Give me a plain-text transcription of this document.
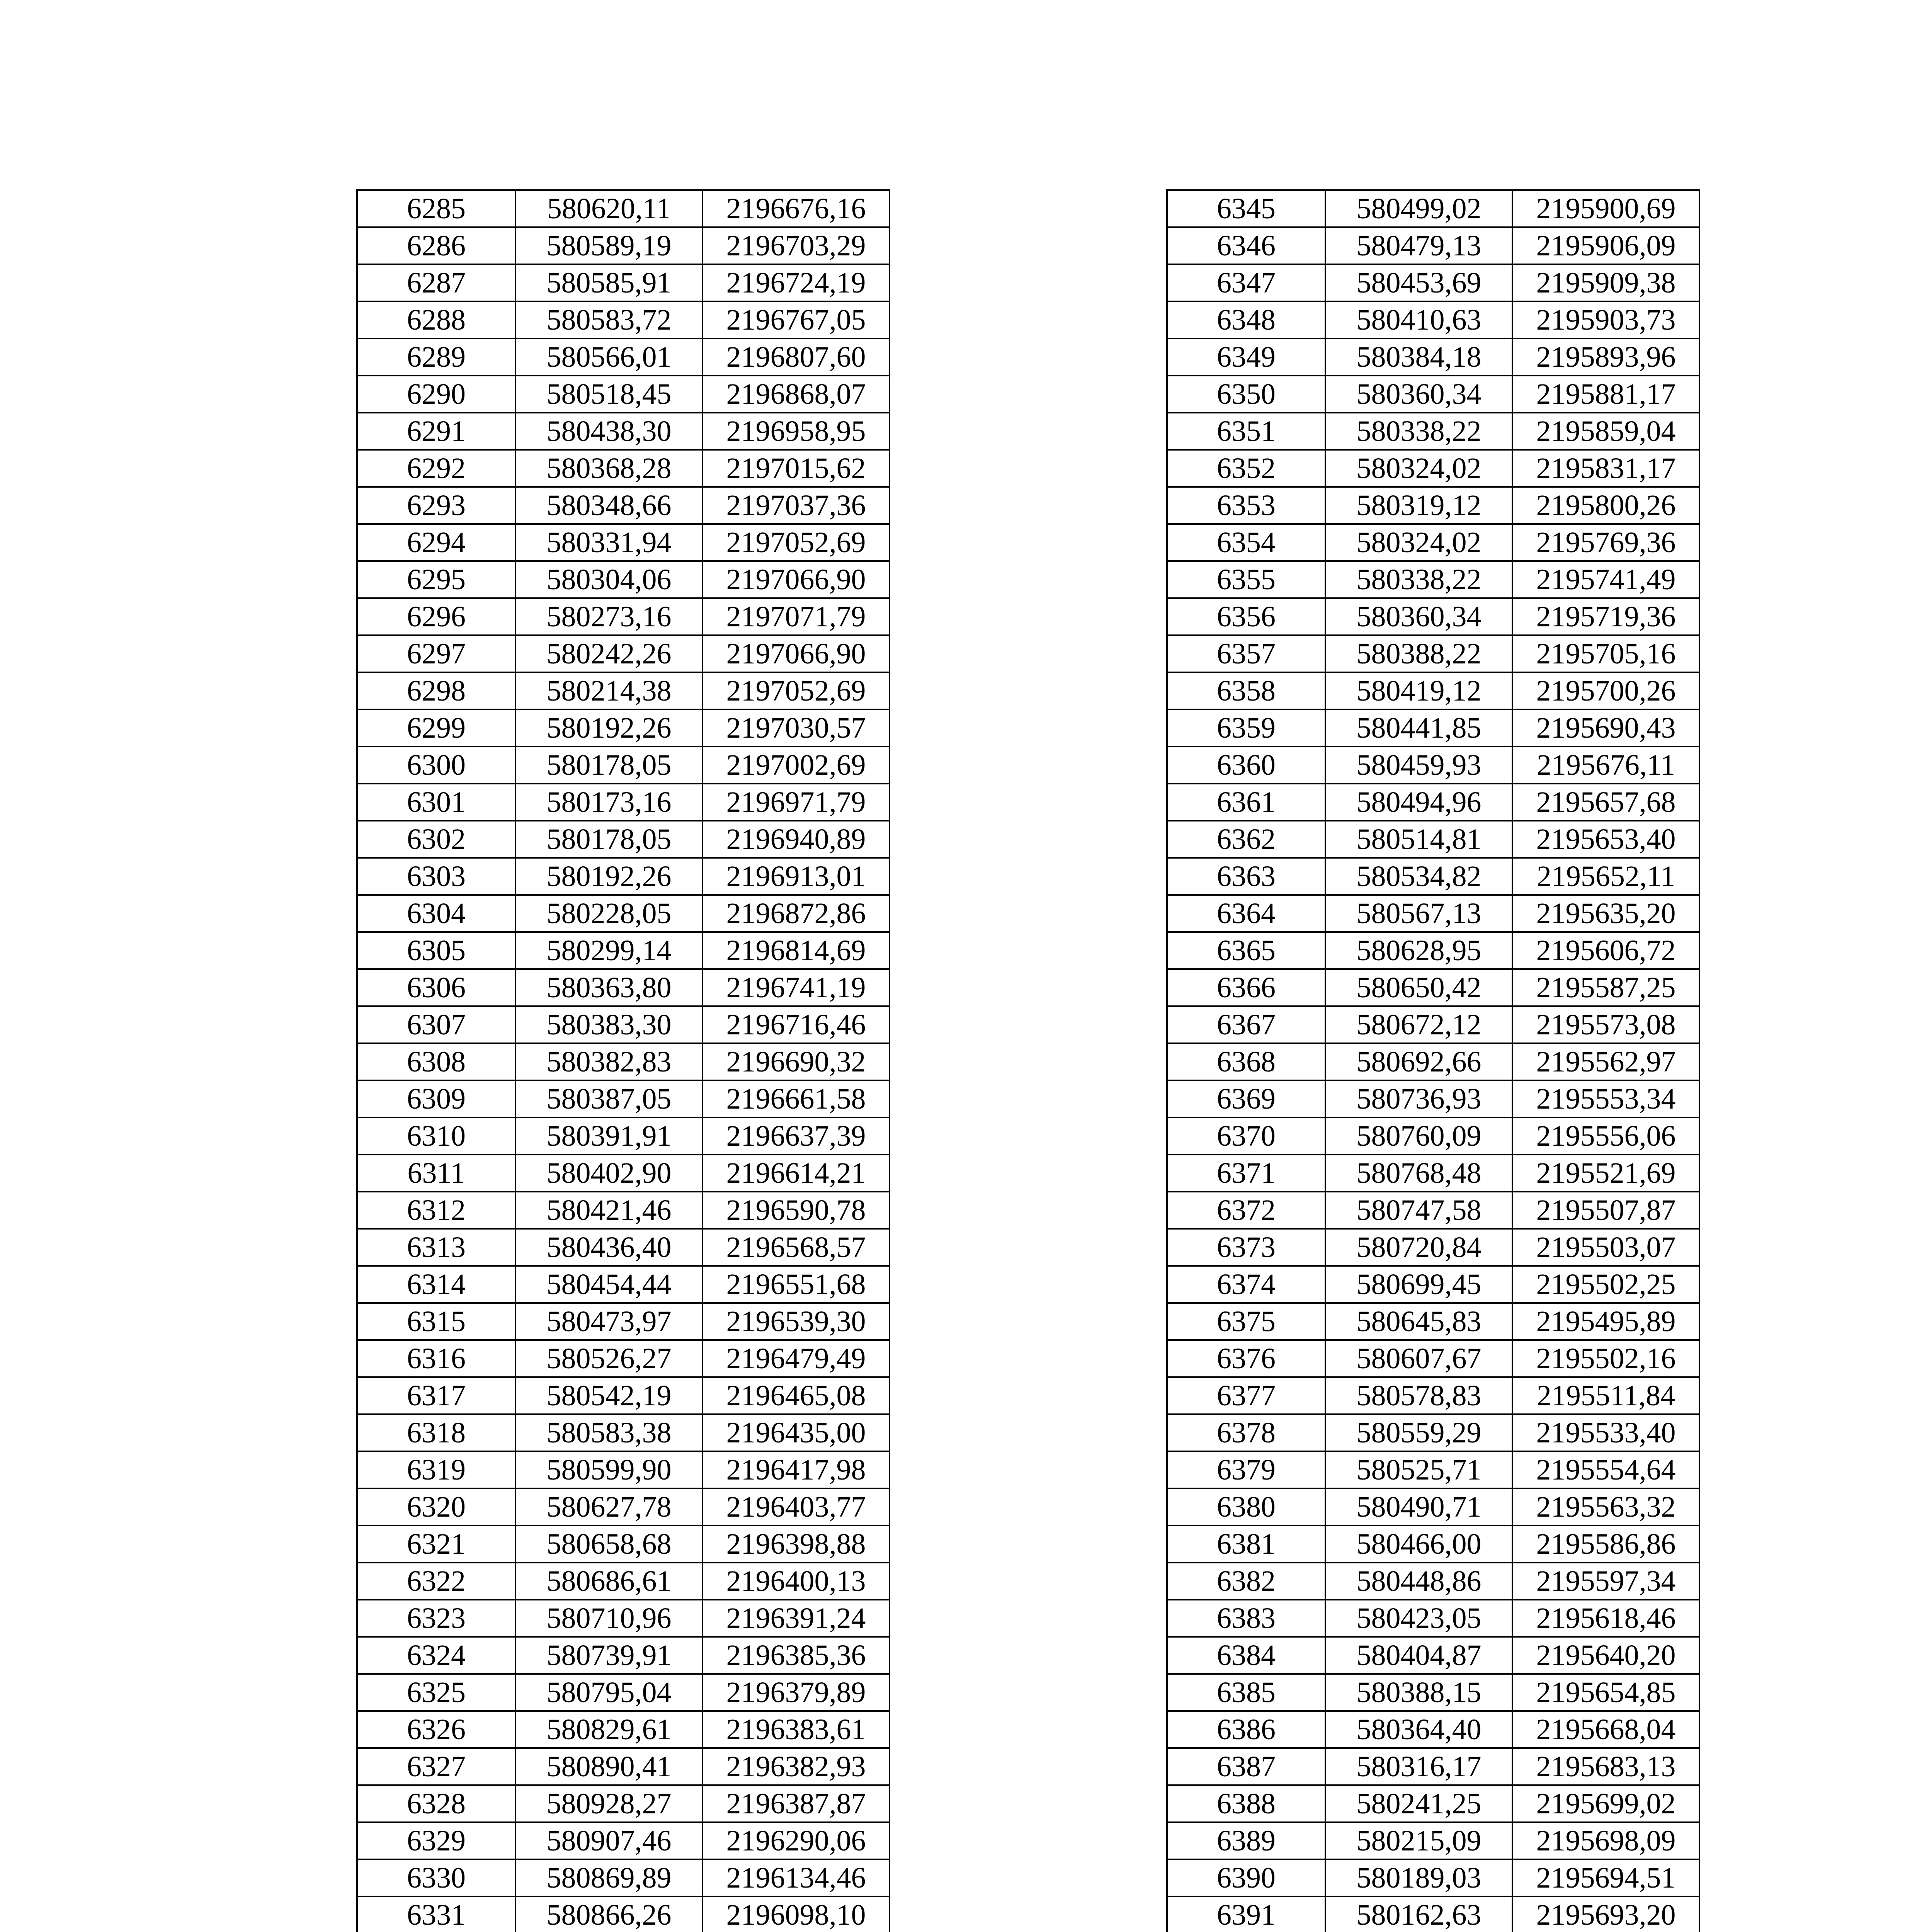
6285	580620,11	2196676,16
6286	580589,19	2196703,29
6287	580585,91	2196724,19
6288	580583,72	2196767,05
6289	580566,01	2196807,60
6290	580518,45	2196868,07
6291	580438,30	2196958,95
6292	580368,28	2197015,62
6293	580348,66	2197037,36
6294	580331,94	2197052,69
6295	580304,06	2197066,90
6296	580273,16	2197071,79
6297	580242,26	2197066,90
6298	580214,38	2197052,69
6299	580192,26	2197030,57
6300	580178,05	2197002,69
6301	580173,16	2196971,79
6302	580178,05	2196940,89
6303	580192,26	2196913,01
6304	580228,05	2196872,86
6305	580299,14	2196814,69
6306	580363,80	2196741,19
6307	580383,30	2196716,46
6308	580382,83	2196690,32
6309	580387,05	2196661,58
6310	580391,91	2196637,39
6311	580402,90	2196614,21
6312	580421,46	2196590,78
6313	580436,40	2196568,57
6314	580454,44	2196551,68
6315	580473,97	2196539,30
6316	580526,27	2196479,49
6317	580542,19	2196465,08
6318	580583,38	2196435,00
6319	580599,90	2196417,98
6320	580627,78	2196403,77
6321	580658,68	2196398,88
6322	580686,61	2196400,13
6323	580710,96	2196391,24
6324	580739,91	2196385,36
6325	580795,04	2196379,89
6326	580829,61	2196383,61
6327	580890,41	2196382,93
6328	580928,27	2196387,87
6329	580907,46	2196290,06
6330	580869,89	2196134,46
6331	580866,26	2196098,10

6345	580499,02	2195900,69
6346	580479,13	2195906,09
6347	580453,69	2195909,38
6348	580410,63	2195903,73
6349	580384,18	2195893,96
6350	580360,34	2195881,17
6351	580338,22	2195859,04
6352	580324,02	2195831,17
6353	580319,12	2195800,26
6354	580324,02	2195769,36
6355	580338,22	2195741,49
6356	580360,34	2195719,36
6357	580388,22	2195705,16
6358	580419,12	2195700,26
6359	580441,85	2195690,43
6360	580459,93	2195676,11
6361	580494,96	2195657,68
6362	580514,81	2195653,40
6363	580534,82	2195652,11
6364	580567,13	2195635,20
6365	580628,95	2195606,72
6366	580650,42	2195587,25
6367	580672,12	2195573,08
6368	580692,66	2195562,97
6369	580736,93	2195553,34
6370	580760,09	2195556,06
6371	580768,48	2195521,69
6372	580747,58	2195507,87
6373	580720,84	2195503,07
6374	580699,45	2195502,25
6375	580645,83	2195495,89
6376	580607,67	2195502,16
6377	580578,83	2195511,84
6378	580559,29	2195533,40
6379	580525,71	2195554,64
6380	580490,71	2195563,32
6381	580466,00	2195586,86
6382	580448,86	2195597,34
6383	580423,05	2195618,46
6384	580404,87	2195640,20
6385	580388,15	2195654,85
6386	580364,40	2195668,04
6387	580316,17	2195683,13
6388	580241,25	2195699,02
6389	580215,09	2195698,09
6390	580189,03	2195694,51
6391	580162,63	2195693,20
